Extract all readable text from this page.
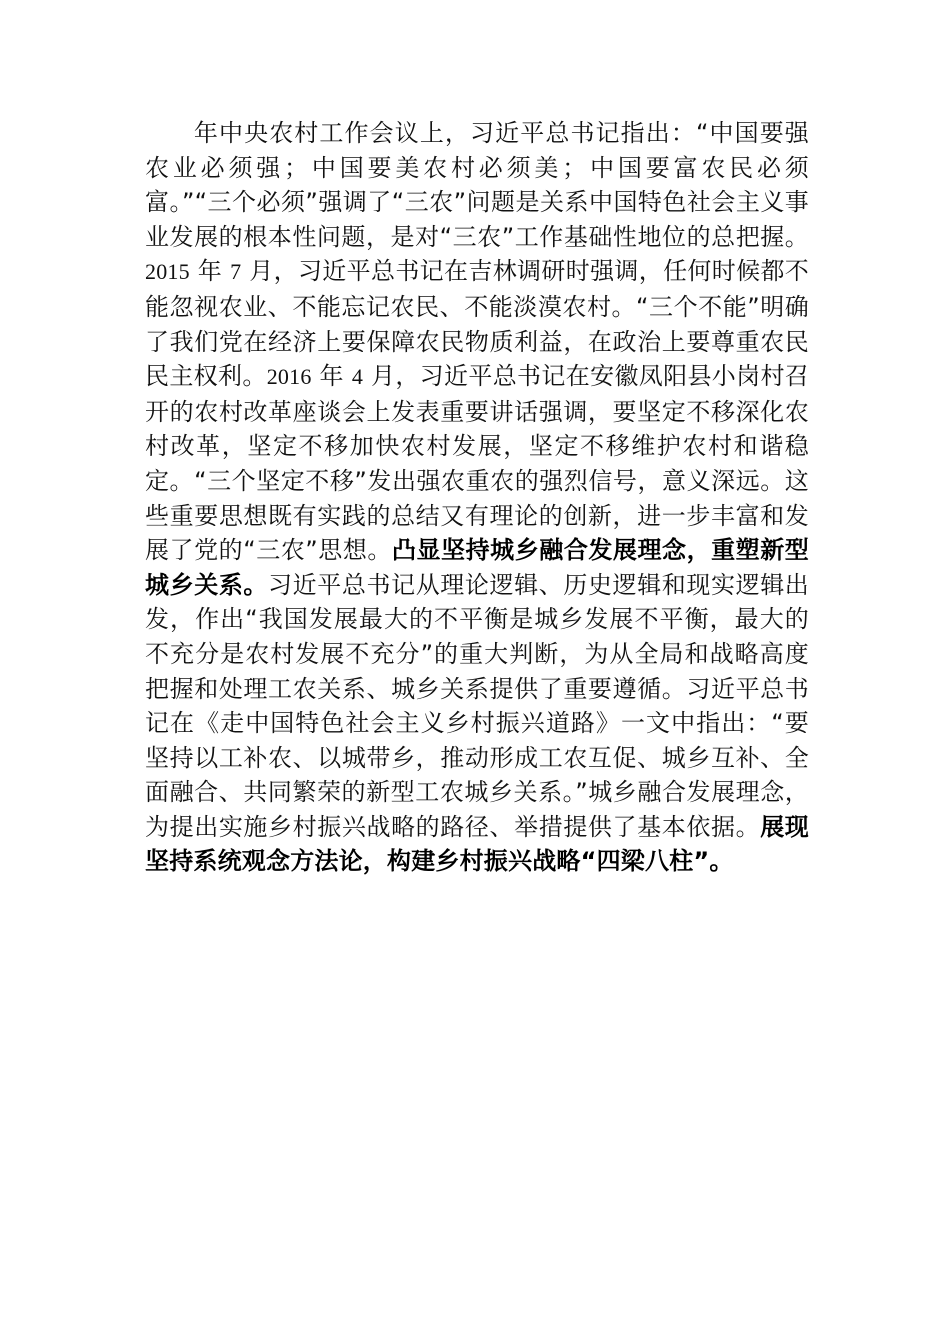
年中央农村工作会议上，习近平总书记指出：“中国要强农业必须强；中国要美农村必须美；中国要富农民必须富。”“三个必须”强调了“三农”问题是关系中国特色社会主义事业发展的根本性问题，是对“三农”工作基础性地位的总把握。2015 年 7 月，习近平总书记在吉林调研时强调，任何时候都不能忽视农业、不能忘记农民、不能淡漠农村。“三个不能”明确了我们党在经济上要保障农民物质利益，在政治上要尊重农民民主权利。2016 年 4 月，习近平总书记在安徽凤阳县小岗村召开的农村改革座谈会上发表重要讲话强调，要坚定不移深化农村改革，坚定不移加快农村发展，坚定不移维护农村和谐稳定。“三个坚定不移”发出强农重农的强烈信号，意义深远。这些重要思想既有实践的总结又有理论的创新，进一步丰富和发展了党的“三农”思想。凸显坚持城乡融合发展理念，重塑新型城乡关系。习近平总书记从理论逻辑、历史逻辑和现实逻辑出发，作出“我国发展最大的不平衡是城乡发展不平衡，最大的不充分是农村发展不充分”的重大判断，为从全局和战略高度把握和处理工农关系、城乡关系提供了重要遵循。习近平总书记在《走中国特色社会主义乡村振兴道路》一文中指出：“要坚持以工补农、以城带乡，推动形成工农互促、城乡互补、全面融合、共同繁荣的新型工农城乡关系。”城乡融合发展理念，为提出实施乡村振兴战略的路径、举措提供了基本依据。展现坚持系统观念方法论，构建乡村振兴战略“四梁八柱”。
